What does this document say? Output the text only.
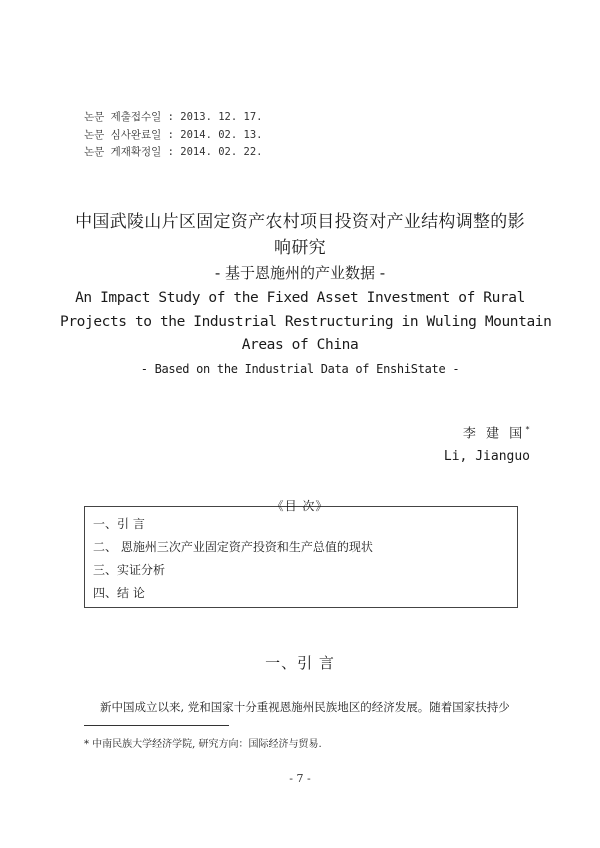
논문 제출접수일 : 2013. 12. 17.
논문 심사완료일 : 2014. 02. 13.
논문 게재확정일 : 2014. 02. 22.
中国武陵山片区固定资产农村项目投资对产业结构调整的影响研究
- 基于恩施州的产业数据 -
An Impact Study of the Fixed Asset Investment of Rural
Projects to the Industrial Restructuring in Wuling Mountain
Areas of China
- Based on the Industrial Data of EnshiState -
李 建 国*
Li, Jianguo
一、引 言
二、 恩施州三次产业固定资产投资和生产总值的现状
三、实证分析
四、结 论
《目 次》
一、引 言
新中国成立以来, 党和国家十分重视恩施州民族地区的经济发展。随着国家扶持少
* 中南民族大学经济学院, 研究方向：国际经济与贸易.
- 7 -
